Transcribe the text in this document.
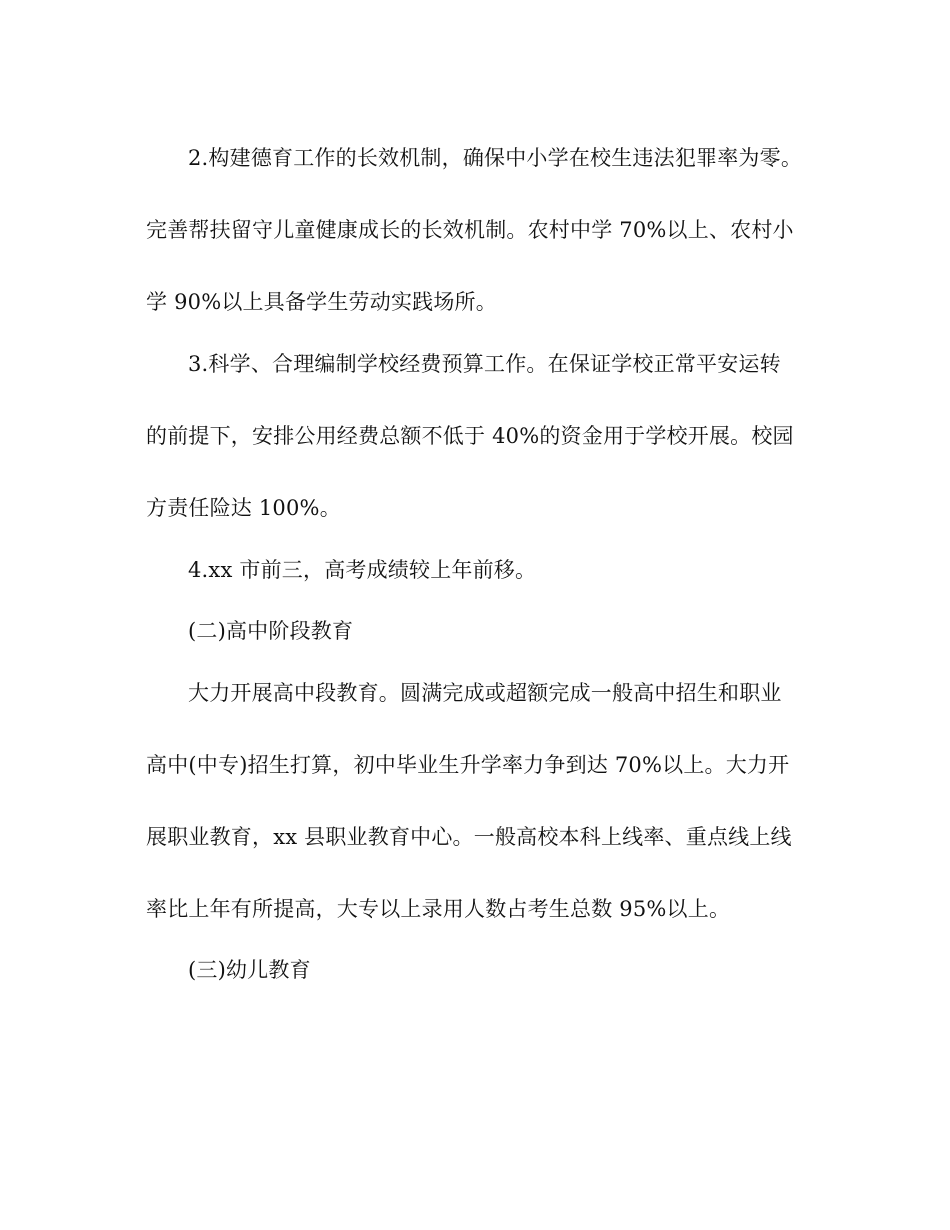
2.构建德育工作的长效机制，确保中小学在校生违法犯罪率为零。
完善帮扶留守儿童健康成长的长效机制。农村中学 70%以上、农村小
学 90%以上具备学生劳动实践场所。
3.科学、合理编制学校经费预算工作。在保证学校正常平安运转
的前提下，安排公用经费总额不低于 40%的资金用于学校开展。校园
方责任险达 100%。
4.xx 市前三，高考成绩较上年前移。
(二)高中阶段教育
大力开展高中段教育。圆满完成或超额完成一般高中招生和职业
高中(中专)招生打算，初中毕业生升学率力争到达 70%以上。大力开
展职业教育，xx 县职业教育中心。一般高校本科上线率、重点线上线
率比上年有所提高，大专以上录用人数占考生总数 95%以上。
(三)幼儿教育
